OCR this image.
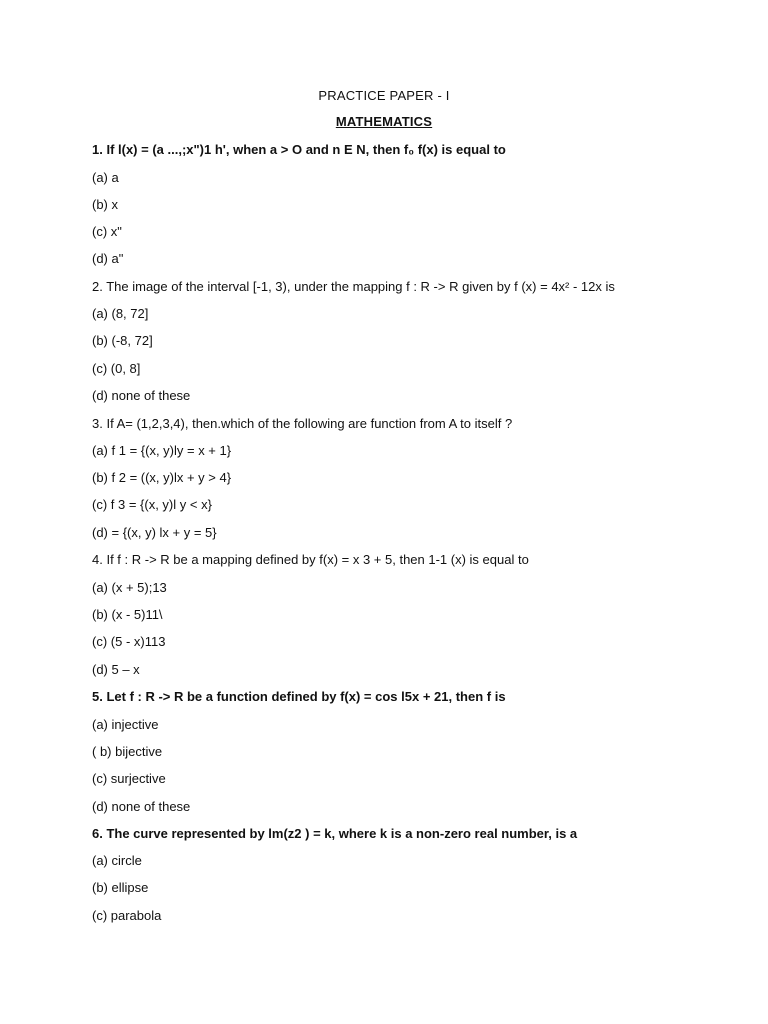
PRACTICE PAPER - I
MATHEMATICS
1. If l(x) = (a ...,;x")1 h', when a > O and n E N, then f₀ f(x) is equal to
(a) a
(b) x
(c) x"
(d) a"
2. The image of the interval [-1, 3), under the mapping f : R -> R given by f (x) = 4x² - 12x is
(a) (8, 72]
(b) (-8, 72]
(c) (0, 8]
(d) none of these
3. If A= (1,2,3,4), then.which of the following are function from A to itself ?
(a) f 1 = {(x, y)ly = x + 1}
(b) f 2 = ((x, y)lx + y > 4}
(c) f 3 = {(x, y)l y < x}
(d) = {(x, y) lx + y = 5}
4. If f : R -> R be a mapping defined by f(x) = x 3 + 5, then 1-1 (x) is equal to
(a) (x + 5);13
(b) (x - 5)11\
(c) (5 - x)113
(d) 5 – x
5. Let f : R -> R be a function defined by f(x) = cos l5x + 21, then f is
(a) injective
( b) bijective
(c) surjective
(d) none of these
6. The curve represented by lm(z2 ) = k, where k is a non-zero real number, is a
(a) circle
(b) ellipse
(c) parabola
